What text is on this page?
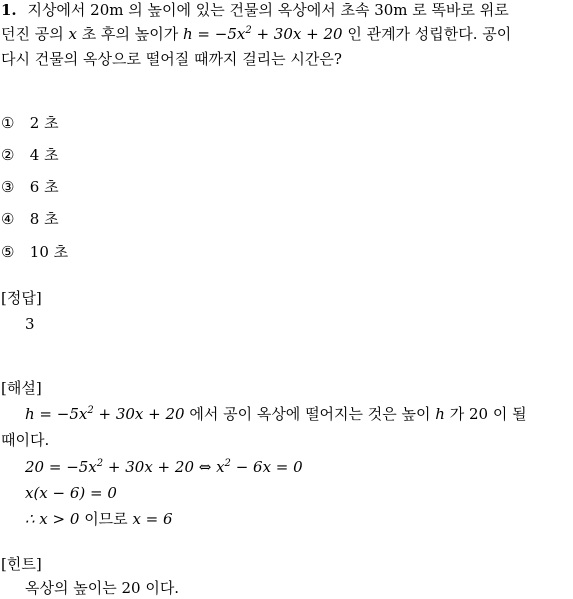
1. 지상에서 20m 의 높이에 있는 건물의 옥상에서 초속 30m 로 똑바로 위로
던진 공의 x 초 후의 높이가 $h = -5x^2 + 30x + 20$ 인 관계가 성립한다. 공이
다시 건물의 옥상으로 떨어질 때까지 걸리는 시간은?
① 2 초
② 4 초
③ 6 초
④ 8 초
⑤ 10 초
[정답]
3
[해설]
$h = -5x^2 + 30x + 20$ 에서 공이 옥상에 떨어지는 것은 높이 h 가 20 이 될
때이다.
$20 = -5x^2 + 30x + 20$ ⇔ $x^2 - 6x = 0$
x(x − 6) = 0
∴ x > 0 이므로 x = 6
[힌트]
옥상의 높이는 20 이다.
